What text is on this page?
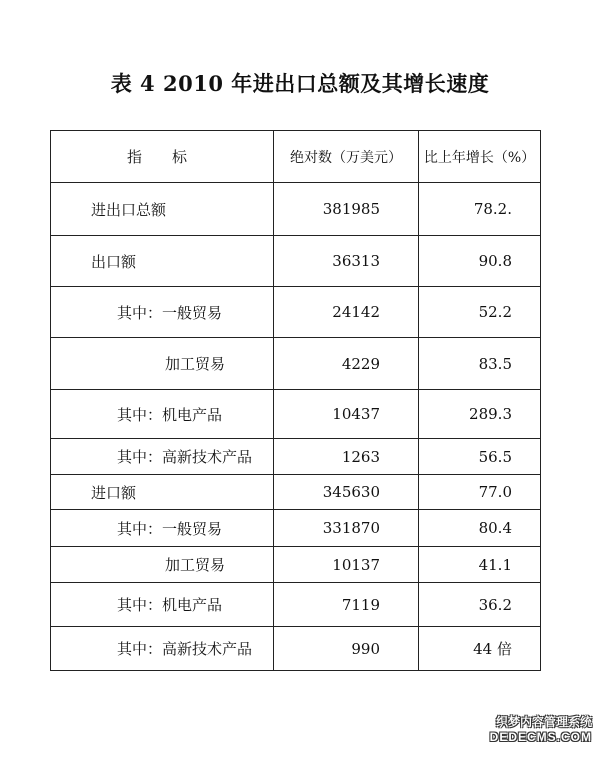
表 4 2010 年进出口总额及其增长速度
指标	绝对数（万美元）	比上年增长（%）
进出口总额	381985	78.2.
出口额	36313	90.8
其中：一般贸易	24142	52.2
加工贸易	4229	83.5
其中：机电产品	10437	289.3
其中：高新技术产品	1263	56.5
进口额	345630	77.0
其中：一般贸易	331870	80.4
加工贸易	10137	41.1
其中：机电产品	7119	36.2
其中：高新技术产品	990	44 倍
织梦内容管理系统
DEDECMS.COM
